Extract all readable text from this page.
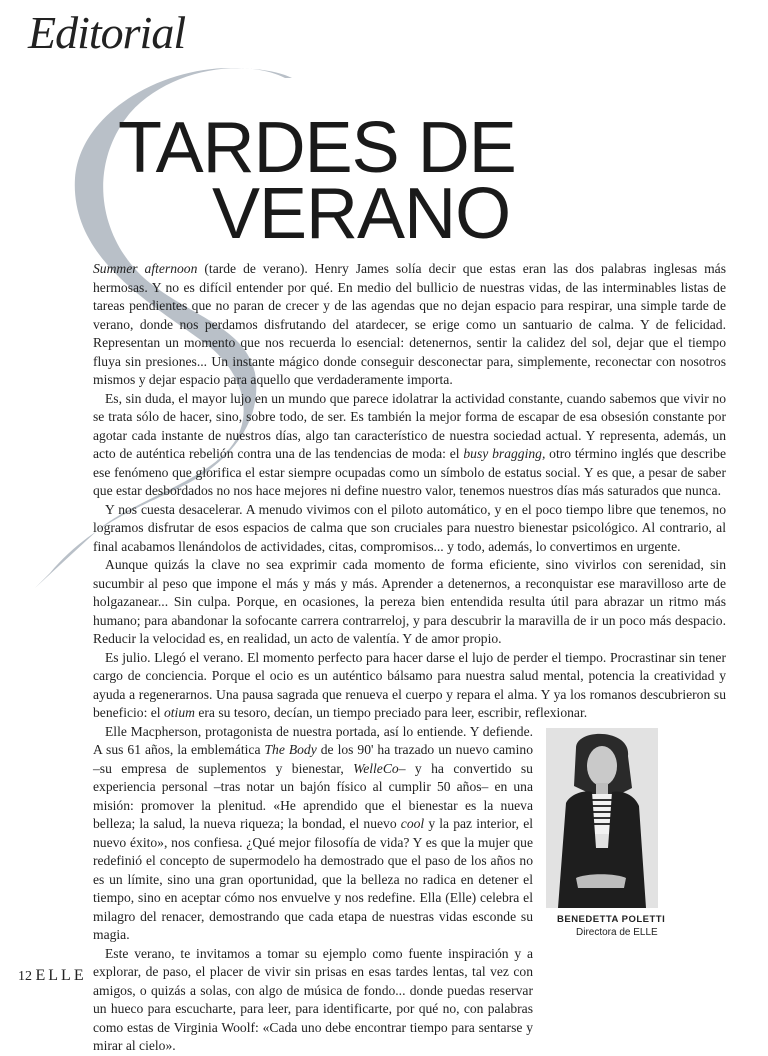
Editorial
TARDES DE
VERANO

Summer afternoon (tarde de verano). Henry James solía decir que estas eran las dos palabras inglesas más hermosas. Y no es difícil entender por qué. En medio del bullicio de nuestras vidas, de las interminables listas de tareas pendientes que no paran de crecer y de las agendas que no dejan espacio para respirar, una simple tarde de verano, donde nos perdamos disfrutando del atardecer, se erige como un santuario de calma. Y de felicidad. Representan un momento que nos recuerda lo esencial: detenernos, sentir la calidez del sol, dejar que el tiempo fluya sin presiones... Un instante mágico donde conseguir desconectar para, simplemente, reconectar con nosotros mismos y dejar espacio para aquello que verdaderamente importa.

Es, sin duda, el mayor lujo en un mundo que parece idolatrar la actividad constante, cuando sabemos que vivir no se trata sólo de hacer, sino, sobre todo, de ser. Es también la mejor forma de escapar de esa obsesión constante por agotar cada instante de nuestros días, algo tan característico de nuestra sociedad actual. Y representa, además, un acto de auténtica rebelión contra una de las tendencias de moda: el busy bragging, otro término inglés que describe ese fenómeno que glorifica el estar siempre ocupadas como un símbolo de estatus social. Y es que, a pesar de saber que estar desbordados no nos hace mejores ni define nuestro valor, tenemos nuestros días más saturados que nunca.

Y nos cuesta desacelerar. A menudo vivimos con el piloto automático, y en el poco tiempo libre que tenemos, no logramos disfrutar de esos espacios de calma que son cruciales para nuestro bienestar psicológico. Al contrario, al final acabamos llenándolos de actividades, citas, compromisos... y todo, además, lo convertimos en urgente.

Aunque quizás la clave no sea exprimir cada momento de forma eficiente, sino vivirlos con serenidad, sin sucumbir al peso que impone el más y más y más. Aprender a detenernos, a reconquistar ese maravilloso arte de holgazanear... Sin culpa. Porque, en ocasiones, la pereza bien entendida resulta útil para abrazar un ritmo más humano; para abandonar la sofocante carrera contrarreloj, y para descubrir la maravilla de ir un poco más despacio. Reducir la velocidad es, en realidad, un acto de valentía. Y de amor propio.

Es julio. Llegó el verano. El momento perfecto para hacer darse el lujo de perder el tiempo. Procrastinar sin tener cargo de conciencia. Porque el ocio es un auténtico bálsamo para nuestra salud mental, potencia la creatividad y ayuda a regenerarnos. Una pausa sagrada que renueva el cuerpo y repara el alma. Y ya los romanos descubrieron su beneficio: el otium era su tesoro, decían, un tiempo preciado para leer, escribir, reflexionar.

Elle Macpherson, protagonista de nuestra portada, así lo entiende. Y defiende. A sus 61 años, la emblemática The Body de los 90' ha trazado un nuevo camino –su empresa de suplementos y bienestar, WelleCo– y ha convertido su experiencia personal –tras notar un bajón físico al cumplir 50 años– en una misión: promover la plenitud. «He aprendido que el bienestar es la nueva belleza; la salud, la nueva riqueza; la bondad, el nuevo cool y la paz interior, el nuevo éxito», nos confiesa. ¿Qué mejor filosofía de vida? Y es que la mujer que redefinió el concepto de supermodelo ha demostrado que el paso de los años no es un límite, sino una gran oportunidad, que la belleza no radica en detener el tiempo, sino en aceptar cómo nos envuelve y nos redefine. Ella (Elle) celebra el milagro del renacer, demostrando que cada etapa de nuestras vidas esconde su magia.

Este verano, te invitamos a tomar su ejemplo como fuente inspiración y a explorar, de paso, el placer de vivir sin prisas en esas tardes lentas, tal vez con amigos, o quizás a solas, con algo de música de fondo... donde puedas reservar un hueco para escucharte, para leer, para identificarte, por qué no, con palabras como estas de Virginia Woolf: «Cada uno debe encontrar tiempo para sentarse y mirar al cielo».

BENEDETTA POLETTI
Directora de ELLE
12 ELLE
